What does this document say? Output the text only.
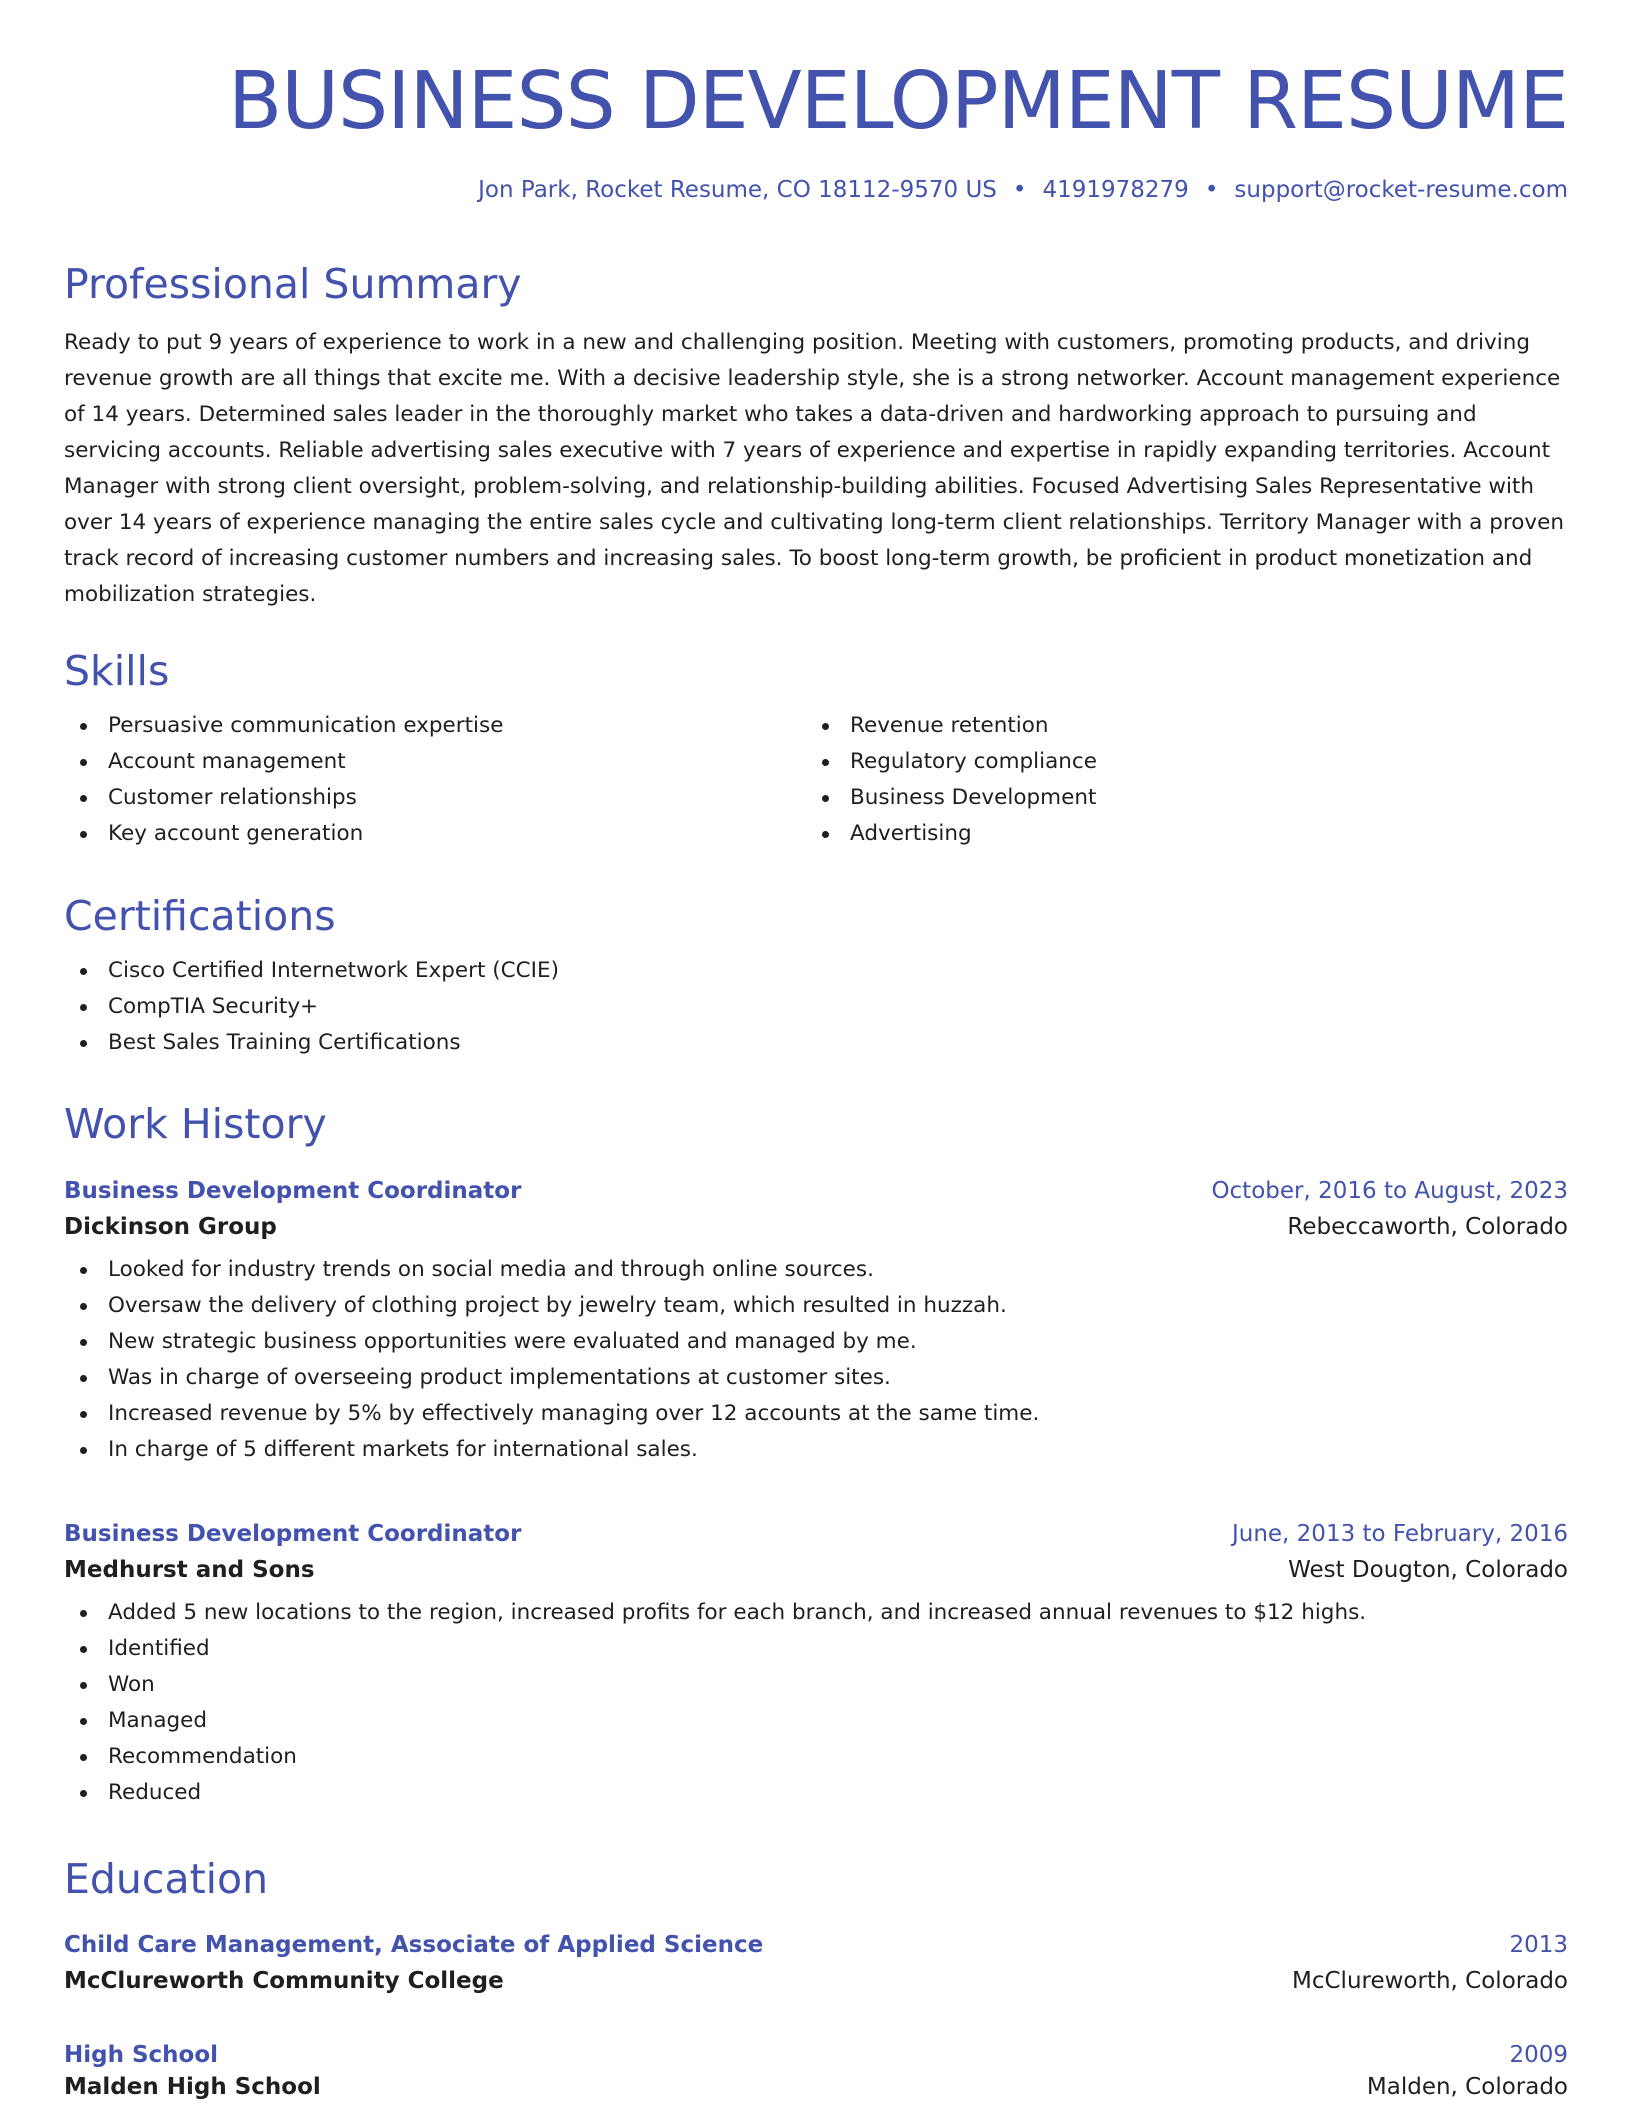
BUSINESS DEVELOPMENT RESUME
Jon Park, Rocket Resume, CO 18112-9570 US • 4191978279 • support@rocket-resume.com
Professional Summary

Ready to put 9 years of experience to work in a new and challenging position. Meeting with customers, promoting products, and driving revenue growth are all things that excite me. With a decisive leadership style, she is a strong networker. Account management experience of 14 years. Determined sales leader in the thoroughly market who takes a data-driven and hardworking approach to pursuing and servicing accounts. Reliable advertising sales executive with 7 years of experience and expertise in rapidly expanding territories. Account Manager with strong client oversight, problem-solving, and relationship-building abilities. Focused Advertising Sales Representative with over 14 years of experience managing the entire sales cycle and cultivating long-term client relationships. Territory Manager with a proven track record of increasing customer numbers and increasing sales. To boost long-term growth, be proficient in product monetization and mobilization strategies.

Skills
Persuasive communication expertise
Account management
Customer relationships
Key account generation
Revenue retention
Regulatory compliance
Business Development
Advertising
Certifications
Cisco Certified Internetwork Expert (CCIE)
CompTIA Security+
Best Sales Training Certifications
Work History
Business Development Coordinator	October, 2016 to August, 2023
Dickinson Group	Rebeccaworth, Colorado
Looked for industry trends on social media and through online sources.
Oversaw the delivery of clothing project by jewelry team, which resulted in huzzah.
New strategic business opportunities were evaluated and managed by me.
Was in charge of overseeing product implementations at customer sites.
Increased revenue by 5% by effectively managing over 12 accounts at the same time.
In charge of 5 different markets for international sales.
Business Development Coordinator	June, 2013 to February, 2016
Medhurst and Sons	West Dougton, Colorado
Added 5 new locations to the region, increased profits for each branch, and increased annual revenues to $12 highs.
Identified
Won
Managed
Recommendation
Reduced
Education
Child Care Management, Associate of Applied Science	2013
McClureworth Community College	McClureworth, Colorado
High School	2009
Malden High School	Malden, Colorado
